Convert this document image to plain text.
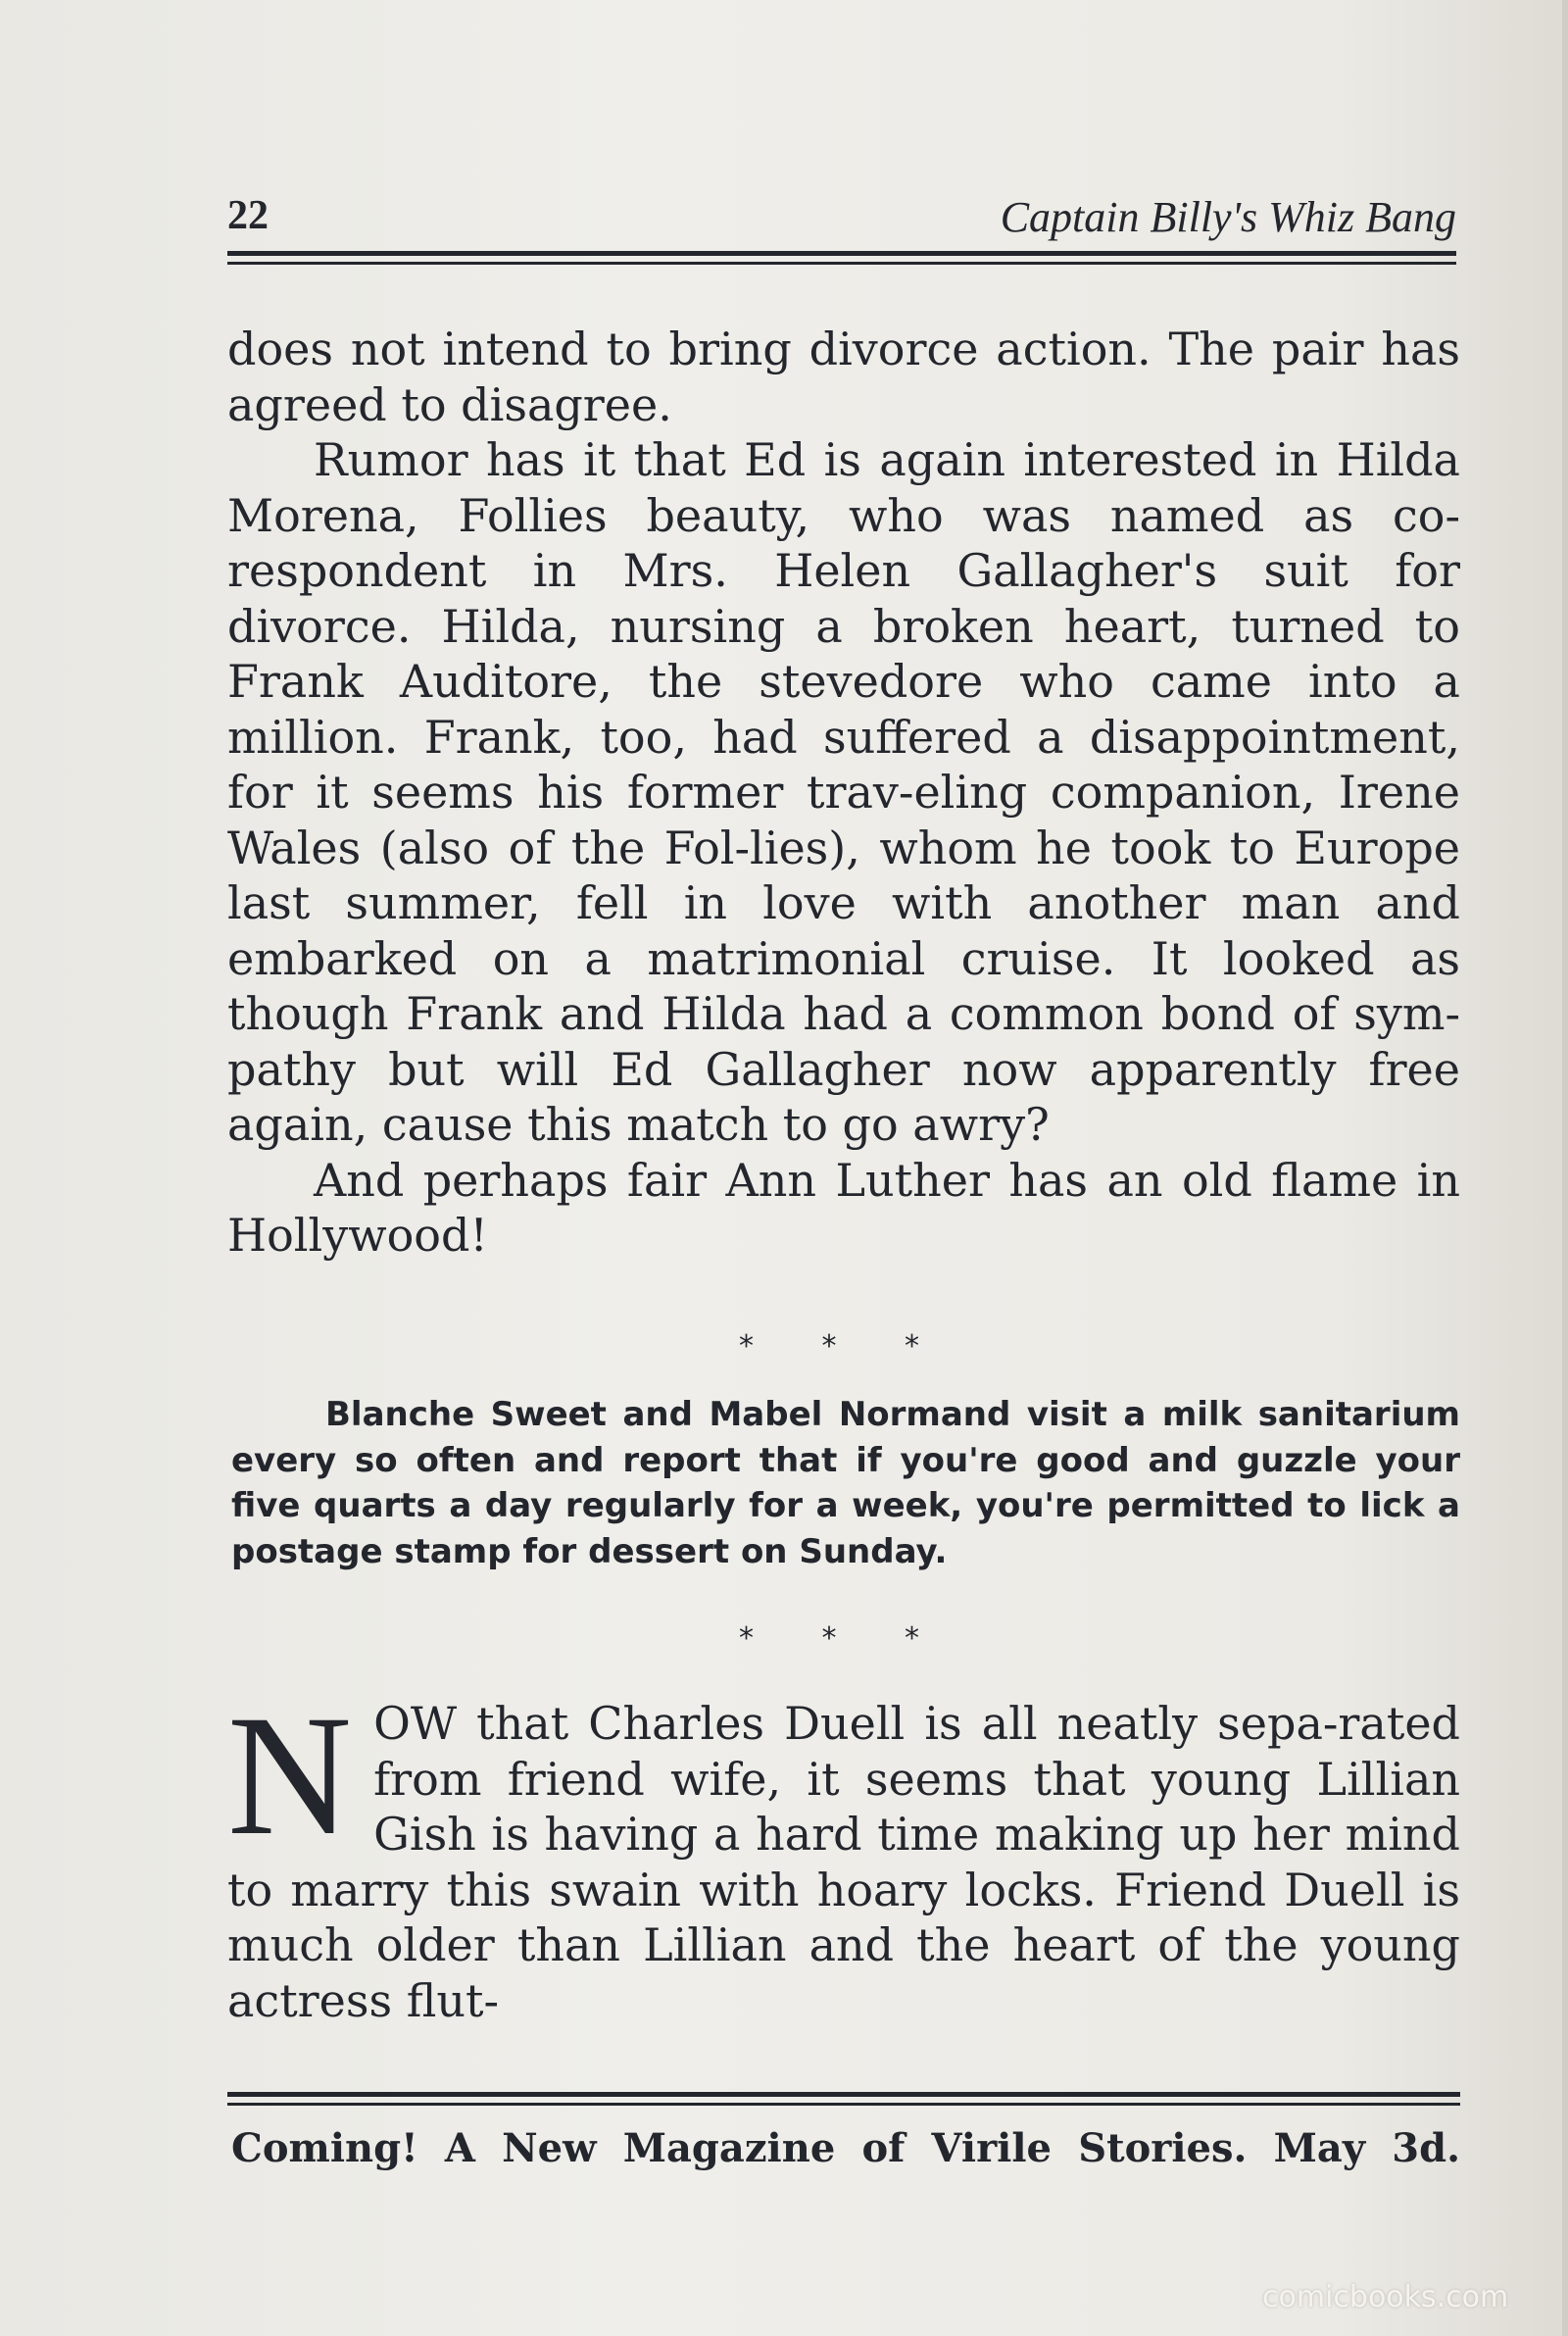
22	Captain Billy's Whiz Bang

does not intend to bring divorce action. The pair has agreed to disagree.

Rumor has it that Ed is again interested in Hilda Morena, Follies beauty, who was named as co-respondent in Mrs. Helen Gallagher's suit for divorce. Hilda, nursing a broken heart, turned to Frank Auditore, the stevedore who came into a million. Frank, too, had suffered a disappointment, for it seems his former trav-eling companion, Irene Wales (also of the Fol-lies), whom he took to Europe last summer, fell in love with another man and embarked on a matrimonial cruise. It looked as though Frank and Hilda had a common bond of sym-pathy but will Ed Gallagher now apparently free again, cause this match to go awry?

And perhaps fair Ann Luther has an old flame in Hollywood!

* * *

Blanche Sweet and Mabel Normand visit a milk sanitarium every so often and report that if you're good and guzzle your five quarts a day regularly for a week, you're permitted to lick a postage stamp for dessert on Sunday.

* * *
N OW that Charles Duell is all neatly sepa-rated from friend wife, it seems that young Lillian Gish is having a hard time making up her mind to marry this swain with hoary locks. Friend Duell is much older than Lillian and the heart of the young actress flut-
Coming! A New Magazine of Virile Stories. May 3d.
comicbooks.com
